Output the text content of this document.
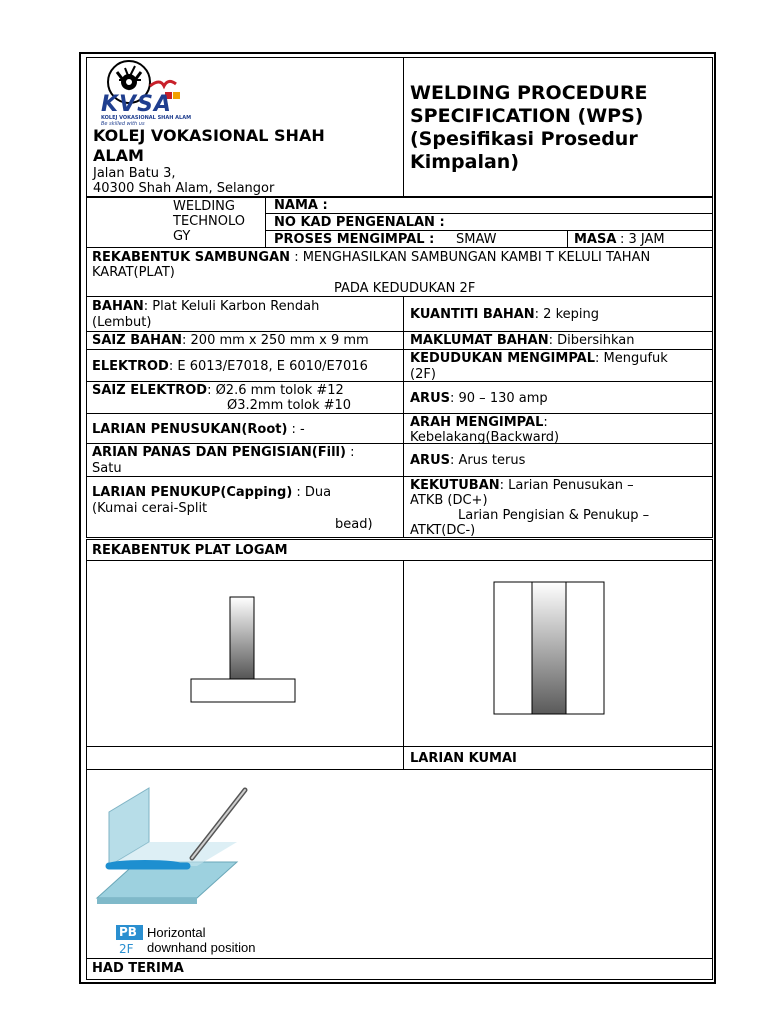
KVSA
KOLEJ VOKASIONAL SHAH ALAM
Be skilled with us
KOLEJ VOKASIONAL SHAH
ALAM
Jalan Batu 3,
40300 Shah Alam, Selangor
WELDING PROCEDURE
SPECIFICATION (WPS)
(Spesifikasi Prosedur
Kimpalan)
WELDING
TECHNOLO
GY
NAMA :
NO KAD PENGENALAN :
PROSES MENGIMPAL : SMAW	MASA : 3 JAM
REKABENTUK SAMBUNGAN : MENGHASILKAN SAMBUNGAN KAMBI T KELULI TAHAN
KARAT(PLAT)
PADA KEDUDUKAN 2F
BAHAN: Plat Keluli Karbon Rendah
(Lembut)
SAIZ BAHAN: 200 mm x 250 mm x 9 mm
ELEKTROD: E 6013/E7018, E 6010/E7016
SAIZ ELEKTROD: Ø2.6 mm tolok #12
Ø3.2mm tolok #10
LARIAN PENUSUKAN(Root) : -
ARIAN PANAS DAN PENGISIAN(Fill) :
Satu
LARIAN PENUKUP(Capping) : Dua
(Kumai cerai-Split
bead)
KUANTITI BAHAN: 2 keping
MAKLUMAT BAHAN: Dibersihkan
KEDUDUKAN MENGIMPAL: Mengufuk
(2F)
ARUS: 90 – 130 amp
ARAH MENGIMPAL:
Kebelakang(Backward)
ARUS: Arus terus
KEKUTUBAN: Larian Penusukan –
ATKB (DC+)
Larian Pengisian & Penukup –
ATKT(DC-)
REKABENTUK PLAT LOGAM
LARIAN KUMAI
PB
2F
Horizontal
downhand position
HAD TERIMA
